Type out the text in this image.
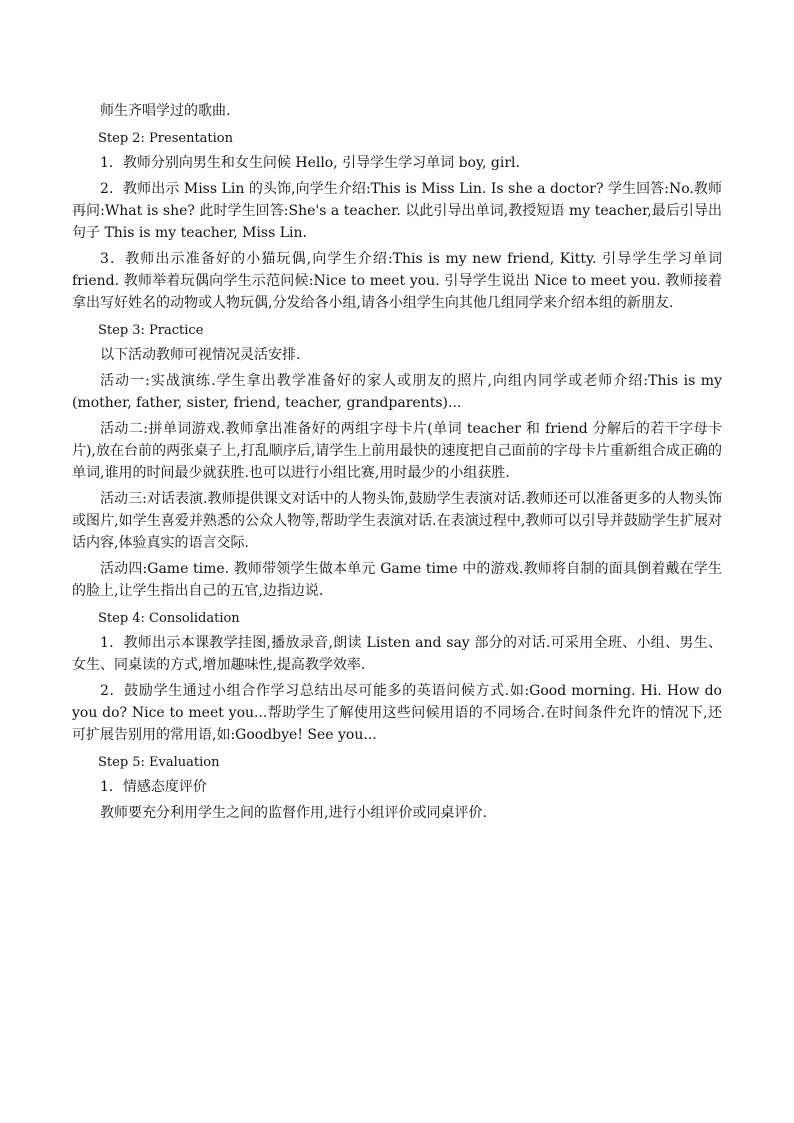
师生齐唱学过的歌曲.
Step 2: Presentation
1．教师分别向男生和女生问候 Hello, 引导学生学习单词 boy, girl.
2．教师出示 Miss Lin 的头饰,向学生介绍:This is Miss Lin. Is she a doctor? 学生回答:No.教师再问:What is she? 此时学生回答:She's a teacher. 以此引导出单词,教授短语 my teacher,最后引导出句子 This is my teacher, Miss Lin.
3．教师出示准备好的小猫玩偶,向学生介绍:This is my new friend, Kitty. 引导学生学习单词 friend. 教师举着玩偶向学生示范问候:Nice to meet you. 引导学生说出 Nice to meet you. 教师接着拿出写好姓名的动物或人物玩偶,分发给各小组,请各小组学生向其他几组同学来介绍本组的新朋友.
Step 3: Practice
以下活动教师可视情况灵活安排.
活动一:实战演练.学生拿出教学准备好的家人或朋友的照片,向组内同学或老师介绍:This is my (mother, father, sister, friend, teacher, grandparents)...
活动二:拼单词游戏.教师拿出准备好的两组字母卡片(单词 teacher 和 friend 分解后的若干字母卡片),放在台前的两张桌子上,打乱顺序后,请学生上前用最快的速度把自己面前的字母卡片重新组合成正确的单词,谁用的时间最少就获胜.也可以进行小组比赛,用时最少的小组获胜.
活动三:对话表演.教师提供课文对话中的人物头饰,鼓励学生表演对话.教师还可以准备更多的人物头饰或图片,如学生喜爱并熟悉的公众人物等,帮助学生表演对话.在表演过程中,教师可以引导并鼓励学生扩展对话内容,体验真实的语言交际.
活动四:Game time. 教师带领学生做本单元 Game time 中的游戏.教师将自制的面具倒着戴在学生的脸上,让学生指出自己的五官,边指边说.
Step 4: Consolidation
1．教师出示本课教学挂图,播放录音,朗读 Listen and say 部分的对话.可采用全班、小组、男生、女生、同桌读的方式,增加趣味性,提高教学效率.
2．鼓励学生通过小组合作学习总结出尽可能多的英语问候方式.如:Good morning. Hi. How do you do? Nice to meet you...帮助学生了解使用这些问候用语的不同场合.在时间条件允许的情况下,还可扩展告别用的常用语,如:Goodbye! See you...
Step 5: Evaluation
1．情感态度评价
教师要充分利用学生之间的监督作用,进行小组评价或同桌评价.
